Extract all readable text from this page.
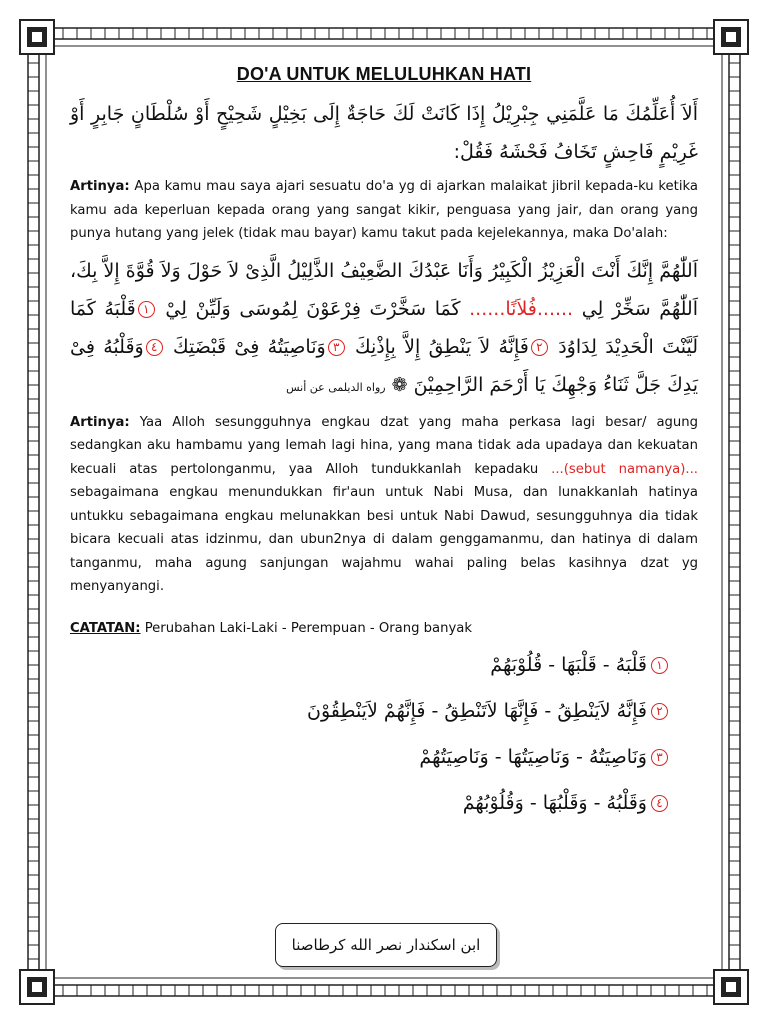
DO'A UNTUK MELULUHKAN HATI

أَلاَ أُعَلِّمُكَ مَا عَلَّمَنِي جِبْرِيْلُ إِذَا كَانَتْ لَكَ حَاجَةٌ إِلَى بَخِيْلٍ شَحِيْحٍ أَوْ سُلْطَانٍ جَابِرٍ أَوْ غَرِيْمٍ فَاحِشٍ تَخَافُ فَحْشَهُ فَقُلْ:

Artinya: Apa kamu mau saya ajari sesuatu do'a yg di ajarkan malaikat jibril kepada-ku ketika kamu ada keperluan kepada orang yang sangat kikir, penguasa yang jair, dan orang yang punya hutang yang jelek (tidak mau bayar) kamu takut pada kejelekannya, maka Do'alah:

اَللّٰهُمَّ إِنَّكَ أَنْتَ الْعَزِيْزُ الْكَبِيْرُ وَأَنَا عَبْدُكَ الضَّعِيْفُ الذَّلِيْلُ الَّذِىْ لاَ حَوْلَ وَلاَ قُوَّةَ إِلاَّ بِكَ، اَللّٰهُمَّ سَخِّرْ لِي ......فُلاَنًا...... كَمَا سَخَّرْتَ فِرْعَوْنَ لِمُوسَى وَلَيِّنْ لِيْ ١قَلْبَهُ كَمَا لَيَّنْتَ الْحَدِيْدَ لِدَاوُدَ ٢فَإِنَّهُ لاَ يَنْطِقُ إِلاَّ بِإِذْنِكَ ٣وَنَاصِيَتُهُ فِىْ قَبْضَتِكَ ٤وَقَلْبُهُ فِىْ يَدِكَ جَلَّ ثَنَاءُ وَجْهِكَ يَا أَرْحَمَ الرَّاحِمِيْنَ ❁ رواه الديلمى عن أنس

Artinya: Yaa Alloh sesungguhnya engkau dzat yang maha perkasa lagi besar/ agung sedangkan aku hambamu yang lemah lagi hina, yang mana tidak ada upadaya dan kekuatan kecuali atas pertolonganmu, yaa Alloh tundukkanlah kepadaku ...(sebut namanya)... sebagaimana engkau menundukkan fir'aun untuk Nabi Musa, dan lunakkanlah hatinya untukku sebagaimana engkau melunakkan besi untuk Nabi Dawud, sesungguhnya dia tidak bicara kecuali atas idzinmu, dan ubun2nya di dalam genggamanmu, dan hatinya di dalam tanganmu, maha agung sanjungan wajahmu wahai paling belas kasihnya dzat yg menyanyangi.

CATATAN: Perubahan Laki-Laki - Perempuan - Orang banyak
١قَلْبَهُ - قَلْبَهَا - قُلُوْبَهُمْ
٢فَإِنَّهُ لاَيَنْطِقُ - فَإِنَّهَا لاَتَنْطِقُ - فَإِنَّهُمْ لاَيَنْطِقُوْنَ
٣وَنَاصِيَتُهُ - وَنَاصِيَتُهَا - وَنَاصِيَتُهُمْ
٤وَقَلْبُهُ - وَقَلْبُهَا - وَقُلُوْبُهُمْ
ابن اسكندار نصر الله كرطاصنا
